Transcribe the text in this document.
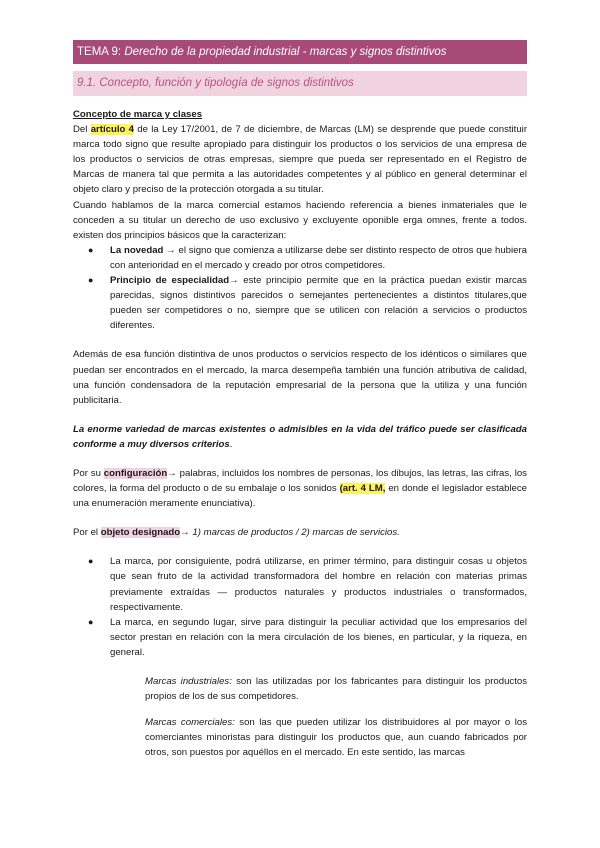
TEMA 9: Derecho de la propiedad industrial - marcas y signos distintivos
9.1. Concepto, función y tipología de signos distintivos

Concepto de marca y clases

Del artículo 4 de la Ley 17/2001, de 7 de diciembre, de Marcas (LM) se desprende que puede constituir marca todo signo que resulte apropiado para distinguir los productos o los servicios de una empresa de los productos o servicios de otras empresas, siempre que pueda ser representado en el Registro de Marcas de manera tal que permita a las autoridades competentes y al público en general determinar el objeto claro y preciso de la protección otorgada a su titular.

Cuando hablamos de la marca comercial estamos haciendo referencia a bienes inmateriales que le conceden a su titular un derecho de uso exclusivo y excluyente oponible erga omnes, frente a todos. existen dos principios básicos que la caracterizan:

● La novedad → el signo que comienza a utilizarse debe ser distinto respecto de otros que hubiera con anterioridad en el mercado y creado por otros competidores.
● Principio de especialidad→ este principio permite que en la práctica puedan existir marcas parecidas, signos distintivos parecidos o semejantes pertenecientes a distintos titulares,que pueden ser competidores o no, siempre que se utilicen con relación a servicios o productos diferentes.

Además de esa función distintiva de unos productos o servicios respecto de los idénticos o similares que puedan ser encontrados en el mercado, la marca desempeña también una función atributiva de calidad, una función condensadora de la reputación empresarial de la persona que la utiliza y una función publicitaria.

La enorme variedad de marcas existentes o admisibles en la vida del tráfico puede ser clasificada conforme a muy diversos criterios.

Por su configuración→ palabras, incluidos los nombres de personas, los dibujos, las letras, las cifras, los colores, la forma del producto o de su embalaje o los sonidos (art. 4 LM, en donde el legislador establece una enumeración meramente enunciativa).

Por el objeto designado→ 1) marcas de productos / 2) marcas de servicios.

● La marca, por consiguiente, podrá utilizarse, en primer término, para distinguir cosas u objetos que sean fruto de la actividad transformadora del hombre en relación con materias primas previamente extraídas — productos naturales y productos industriales o transformados, respectivamente.
● La marca, en segundo lugar, sirve para distinguir la peculiar actividad que los empresarios del sector prestan en relación con la mera circulación de los bienes, en particular, y la riqueza, en general.

Marcas industriales: son las utilizadas por los fabricantes para distinguir los productos propios de los de sus competidores.

Marcas comerciales: son las que pueden utilizar los distribuidores al por mayor o los comerciantes minoristas para distinguir los productos que, aun cuando fabricados por otros, son puestos por aquéllos en el mercado. En este sentido, las marcas
